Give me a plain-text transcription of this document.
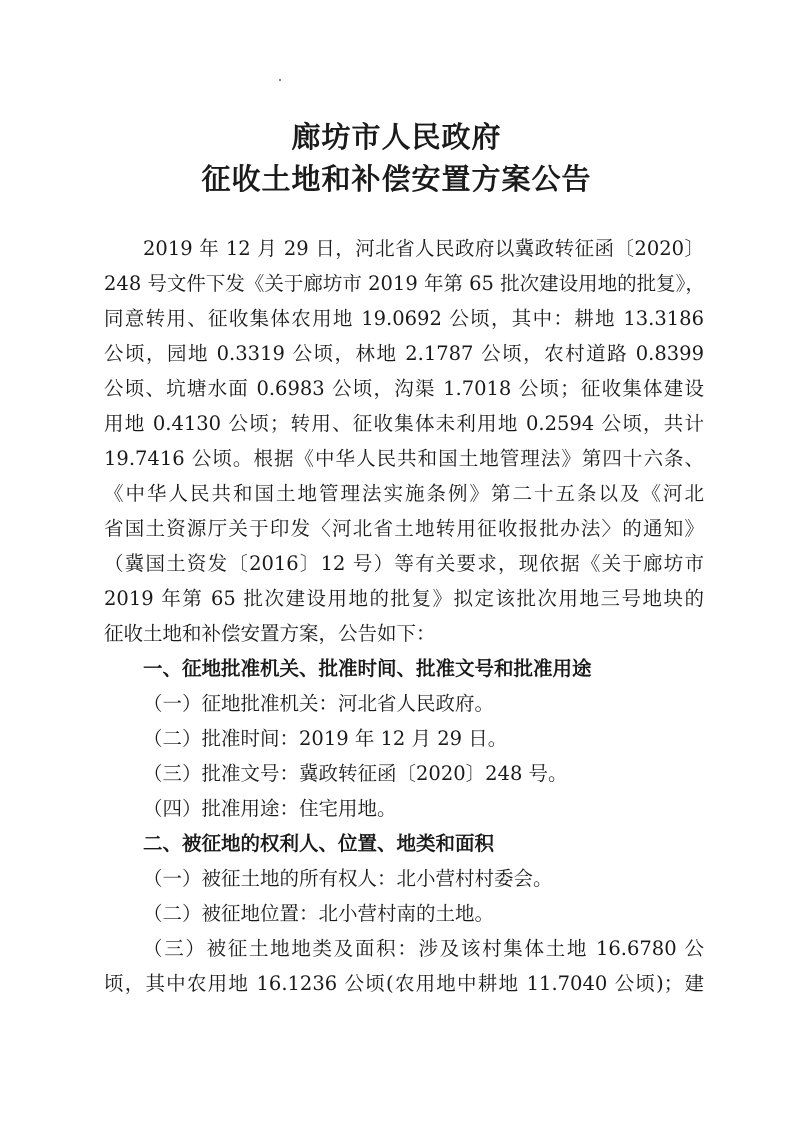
廊坊市人民政府
征收土地和补偿安置方案公告
2019 年 12 月 29 日，河北省人民政府以冀政转征函〔2020〕
248 号文件下发《关于廊坊市 2019 年第 65 批次建设用地的批复》，
同意转用、征收集体农用地 19.0692 公顷，其中：耕地 13.3186
公顷，园地 0.3319 公顷，林地 2.1787 公顷，农村道路 0.8399
公顷、坑塘水面 0.6983 公顷，沟渠 1.7018 公顷；征收集体建设
用地 0.4130 公顷；转用、征收集体未利用地 0.2594 公顷，共计
19.7416 公顷。根据《中华人民共和国土地管理法》第四十六条、
《中华人民共和国土地管理法实施条例》第二十五条以及《河北
省国土资源厅关于印发〈河北省土地转用征收报批办法〉的通知》
（冀国土资发〔2016〕12 号）等有关要求，现依据《关于廊坊市
2019 年第 65 批次建设用地的批复》拟定该批次用地三号地块的
征收土地和补偿安置方案，公告如下：
一、征地批准机关、批准时间、批准文号和批准用途
（一）征地批准机关：河北省人民政府。
（二）批准时间：2019 年 12 月 29 日。
（三）批准文号：冀政转征函〔2020〕248 号。
（四）批准用途：住宅用地。
二、被征地的权利人、位置、地类和面积
（一）被征土地的所有权人：北小营村村委会。
（二）被征地位置：北小营村南的土地。
（三）被征土地地类及面积：涉及该村集体土地 16.6780 公
顷，其中农用地 16.1236 公顷(农用地中耕地 11.7040 公顷)；建
